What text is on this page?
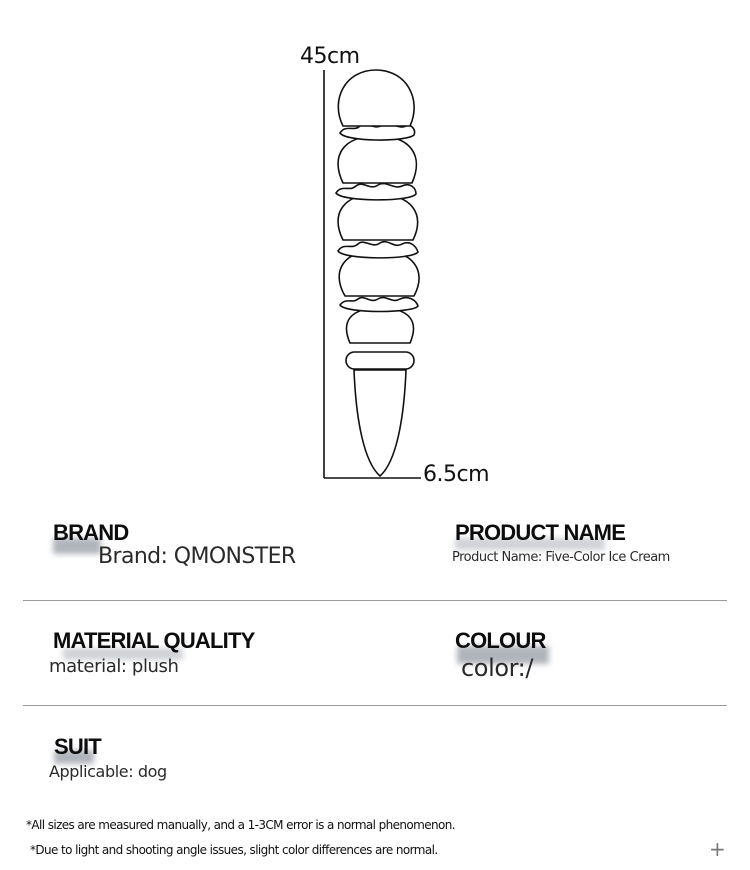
45cm
6.5cm
BRAND
Brand: QMONSTER
PRODUCT NAME
Product Name: Five-Color Ice Cream
MATERIAL QUALITY
material: plush
COLOUR
color:/
SUIT
Applicable: dog
*All sizes are measured manually, and a 1-3CM error is a normal phenomenon.
*Due to light and shooting angle issues, slight color differences are normal.	+
